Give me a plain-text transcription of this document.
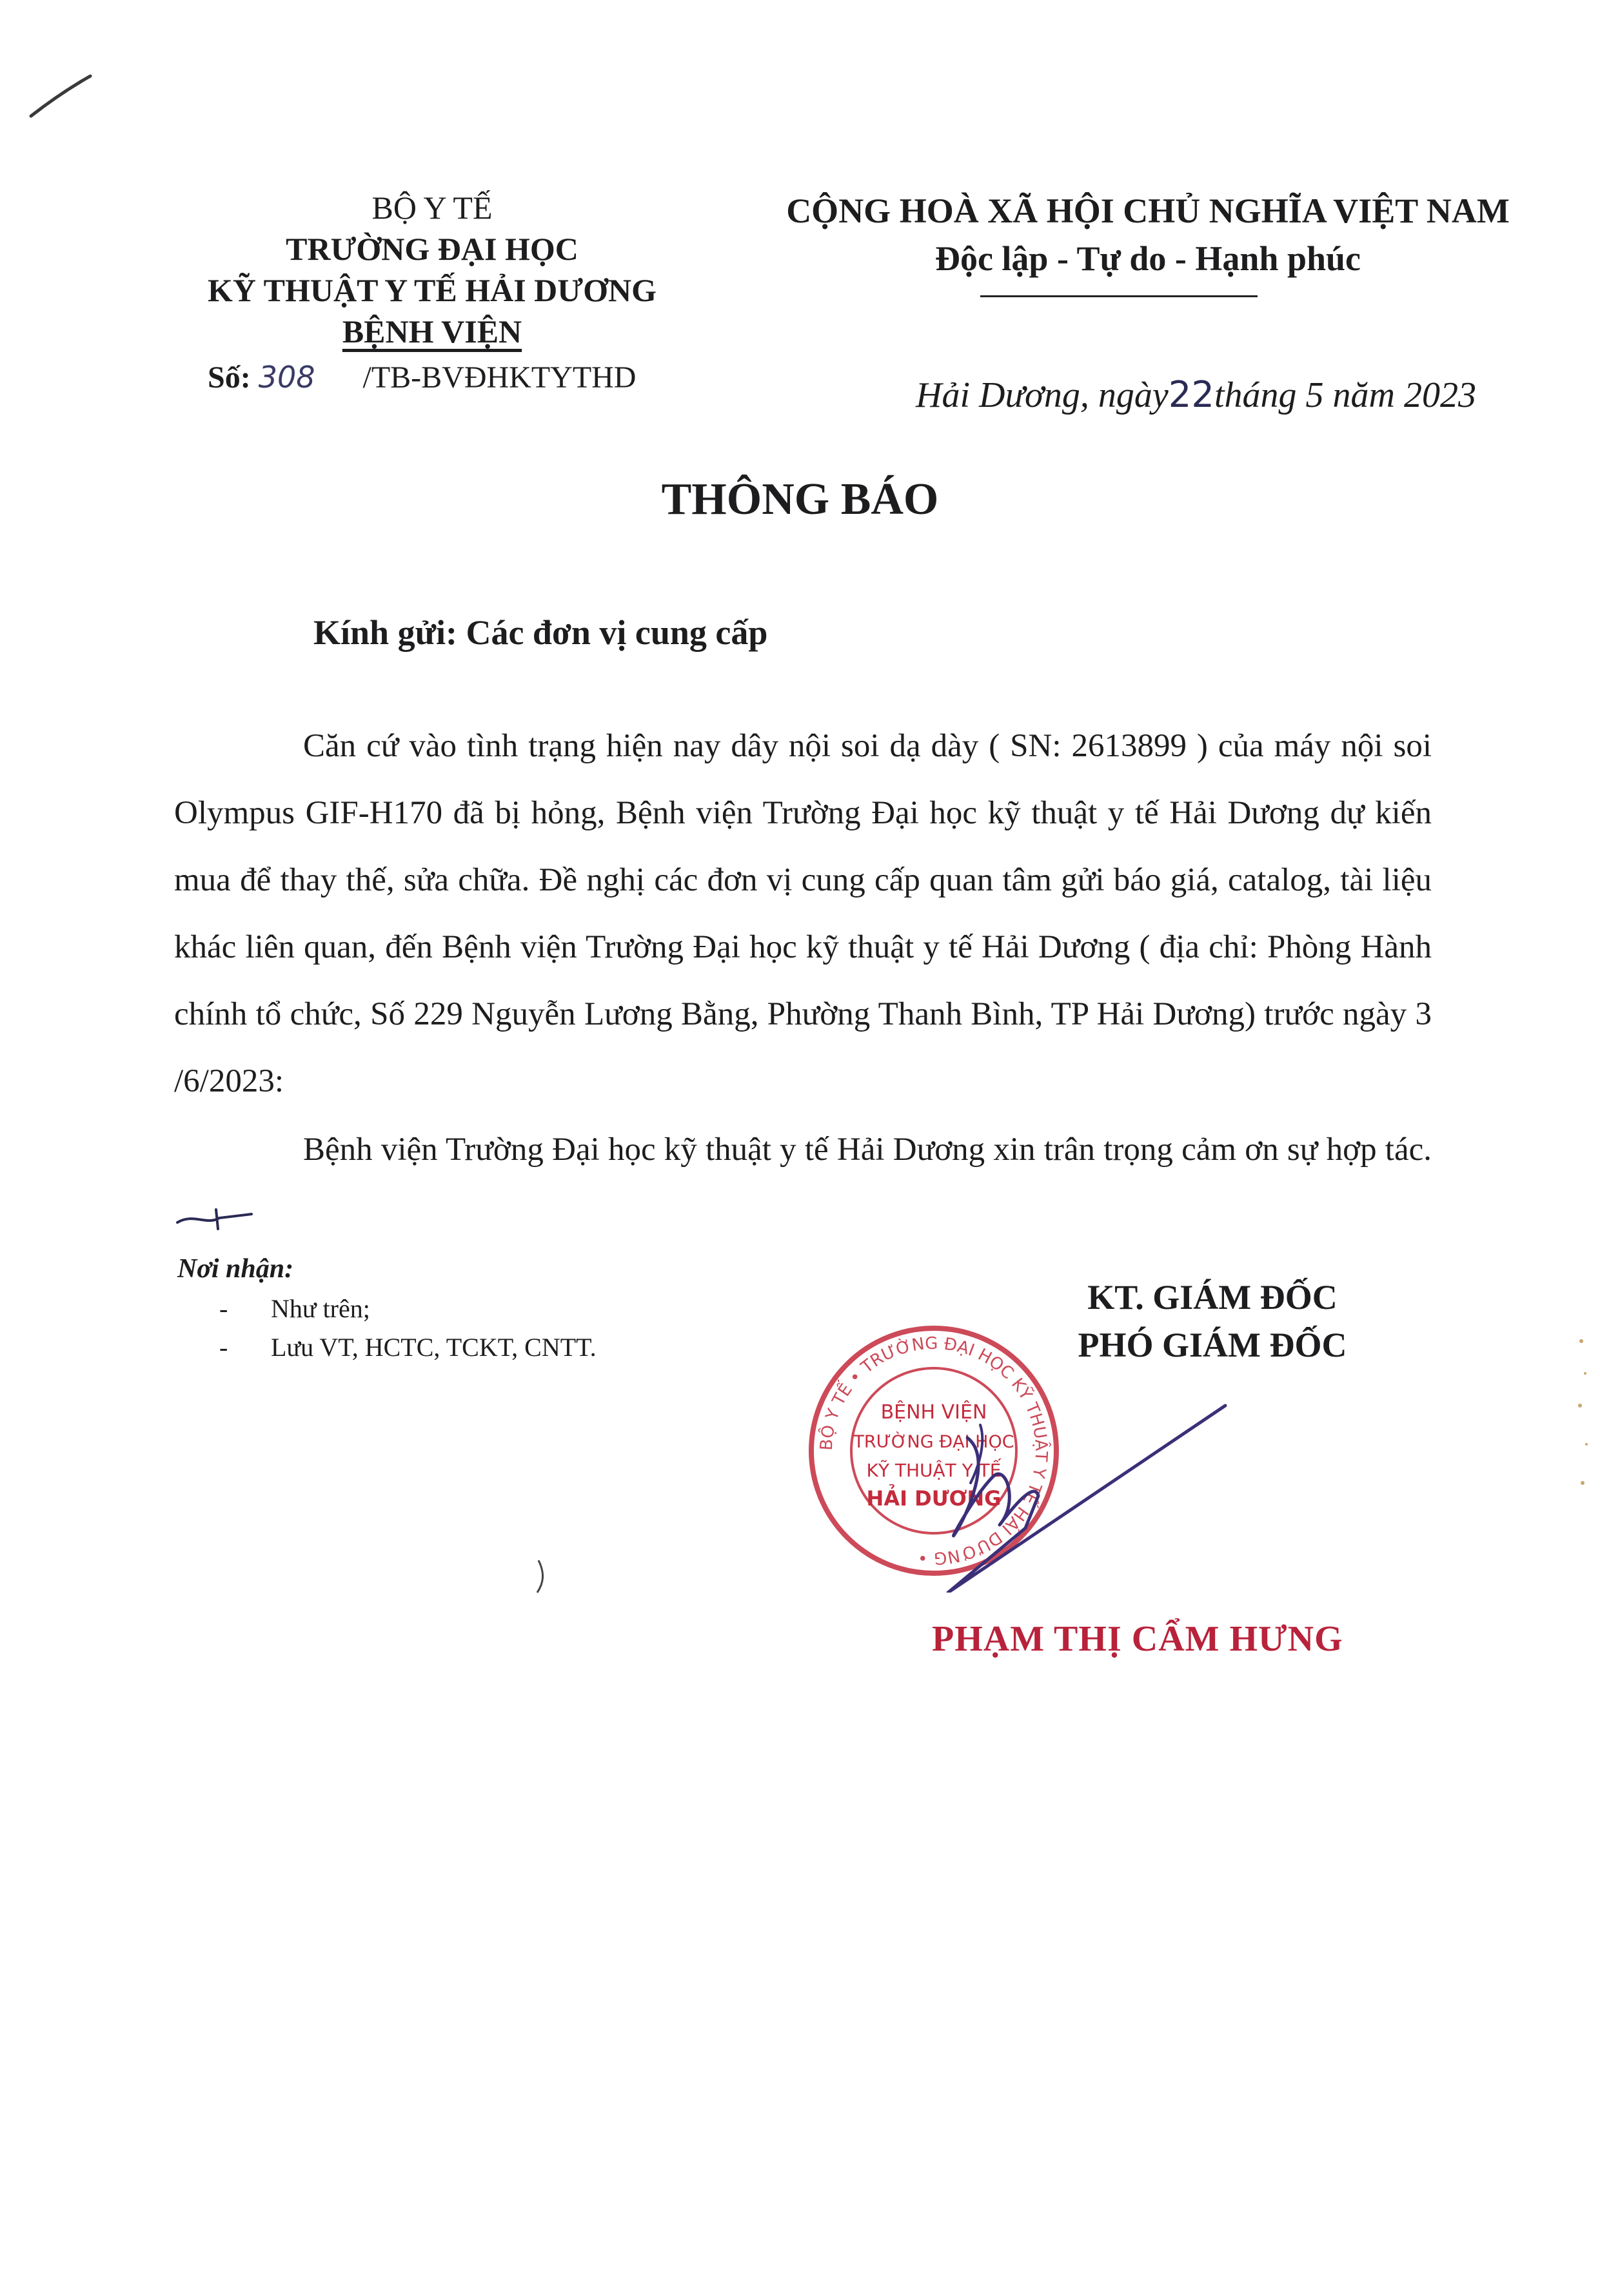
BỘ Y TẾ
TRƯỜNG ĐẠI HỌC
KỸ THUẬT Y TẾ HẢI DƯƠNG
BỆNH VIỆN
Số: 308 /TB-BVĐHKTYTHD
CỘNG HOÀ XÃ HỘI CHỦ NGHĨA VIỆT NAM
Độc lập - Tự do - Hạnh phúc
Hải Dương, ngày22tháng 5 năm 2023
THÔNG BÁO
Kính gửi: Các đơn vị cung cấp

Căn cứ vào tình trạng hiện nay dây nội soi dạ dày ( SN: 2613899 ) của máy nội soi Olympus GIF-H170 đã bị hỏng, Bệnh viện Trường Đại học kỹ thuật y tế Hải Dương dự kiến mua để thay thế, sửa chữa. Đề nghị các đơn vị cung cấp quan tâm gửi báo giá, catalog, tài liệu khác liên quan, đến Bệnh viện Trường Đại học kỹ thuật y tế Hải Dương ( địa chỉ: Phòng Hành chính tổ chức, Số 229 Nguyễn Lương Bằng, Phường Thanh Bình, TP Hải Dương) trước ngày 3 /6/2023:

Bệnh viện Trường Đại học kỹ thuật y tế Hải Dương xin trân trọng cảm ơn sự hợp tác.

Nơi nhận:
- Như trên;
- Lưu VT, HCTC, TCKT, CNTT.
KT. GIÁM ĐỐC
PHÓ GIÁM ĐỐC
BỘ Y TẾ • TRƯỜNG ĐẠI HỌC KỸ THUẬT Y TẾ HẢI DƯƠNG •
BỆNH VIỆN
TRƯỜNG ĐẠI HỌC
KỸ THUẬT Y TẾ
HẢI DƯƠNG
PHẠM THỊ CẨM HƯNG
